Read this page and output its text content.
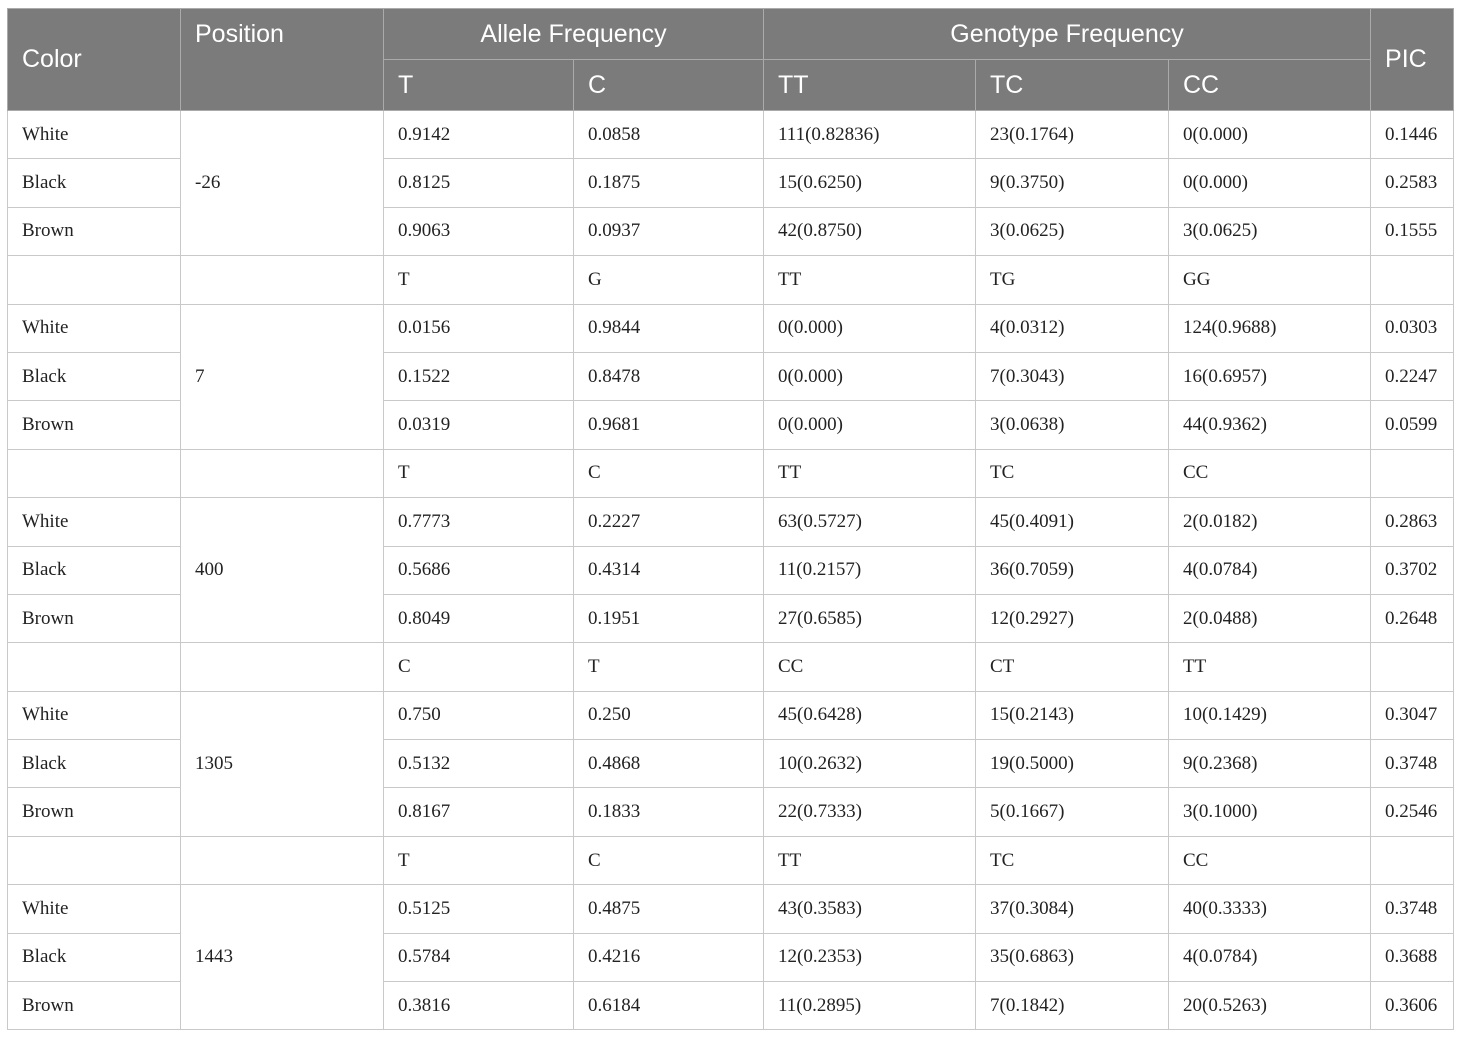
Color	Position	Allele Frequency		Genotype Frequency			PIC
		T	C	TT	TC	CC	
White	-26	0.9142	0.0858	111(0.82836)	23(0.1764)	0(0.000)	0.1446
Black		0.8125	0.1875	15(0.6250)	9(0.3750)	0(0.000)	0.2583
Brown		0.9063	0.0937	42(0.8750)	3(0.0625)	3(0.0625)	0.1555
		T	G	TT	TG	GG	
White	7	0.0156	0.9844	0(0.000)	4(0.0312)	124(0.9688)	0.0303
Black		0.1522	0.8478	0(0.000)	7(0.3043)	16(0.6957)	0.2247
Brown		0.0319	0.9681	0(0.000)	3(0.0638)	44(0.9362)	0.0599
		T	C	TT	TC	CC	
White	400	0.7773	0.2227	63(0.5727)	45(0.4091)	2(0.0182)	0.2863
Black		0.5686	0.4314	11(0.2157)	36(0.7059)	4(0.0784)	0.3702
Brown		0.8049	0.1951	27(0.6585)	12(0.2927)	2(0.0488)	0.2648
		C	T	CC	CT	TT	
White	1305	0.750	0.250	45(0.6428)	15(0.2143)	10(0.1429)	0.3047
Black		0.5132	0.4868	10(0.2632)	19(0.5000)	9(0.2368)	0.3748
Brown		0.8167	0.1833	22(0.7333)	5(0.1667)	3(0.1000)	0.2546
		T	C	TT	TC	CC	
White	1443	0.5125	0.4875	43(0.3583)	37(0.3084)	40(0.3333)	0.3748
Black		0.5784	0.4216	12(0.2353)	35(0.6863)	4(0.0784)	0.3688
Brown		0.3816	0.6184	11(0.2895)	7(0.1842)	20(0.5263)	0.3606
